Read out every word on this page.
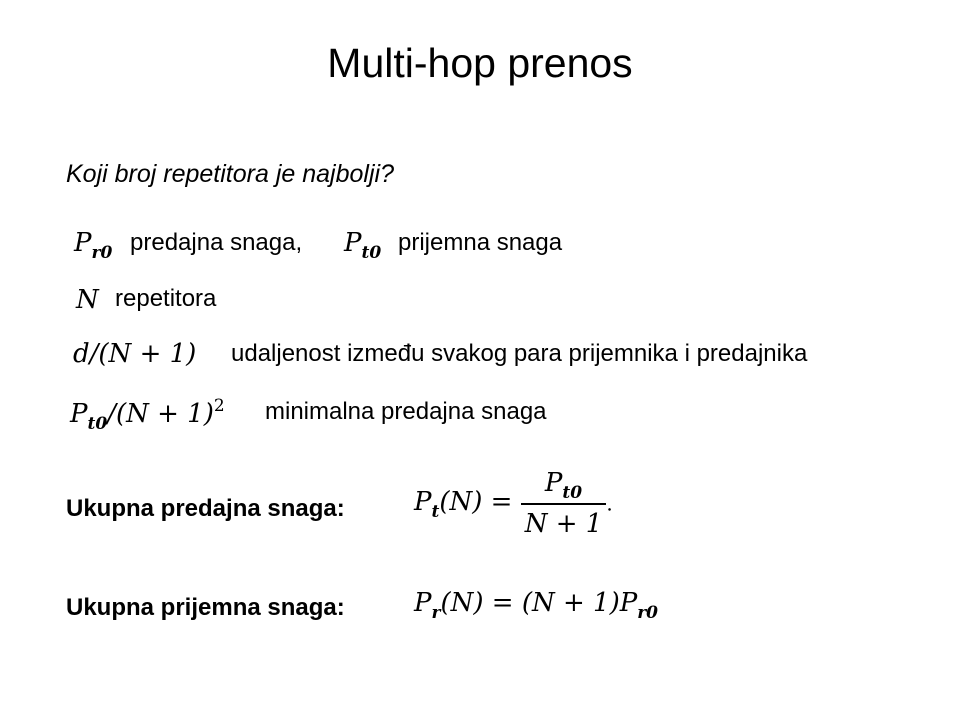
Multi-hop prenos
Koji broj repetitora je najbolji?
$P_{r0}$ predajna snaga, $P_{t0}$ prijemna snaga
N repetitora
d/(N + 1) udaljenost između svakog para prijemnika i predajnika
$P_{t0}/(N + 1)^2$ minimalna predajna snaga
Ukupna predajna snaga:	$P_t(N) = \frac{P_{t0}}{N + 1}$ .
Ukupna prijemna snaga:	$P_r(N) = (N + 1)P_{r0}$
